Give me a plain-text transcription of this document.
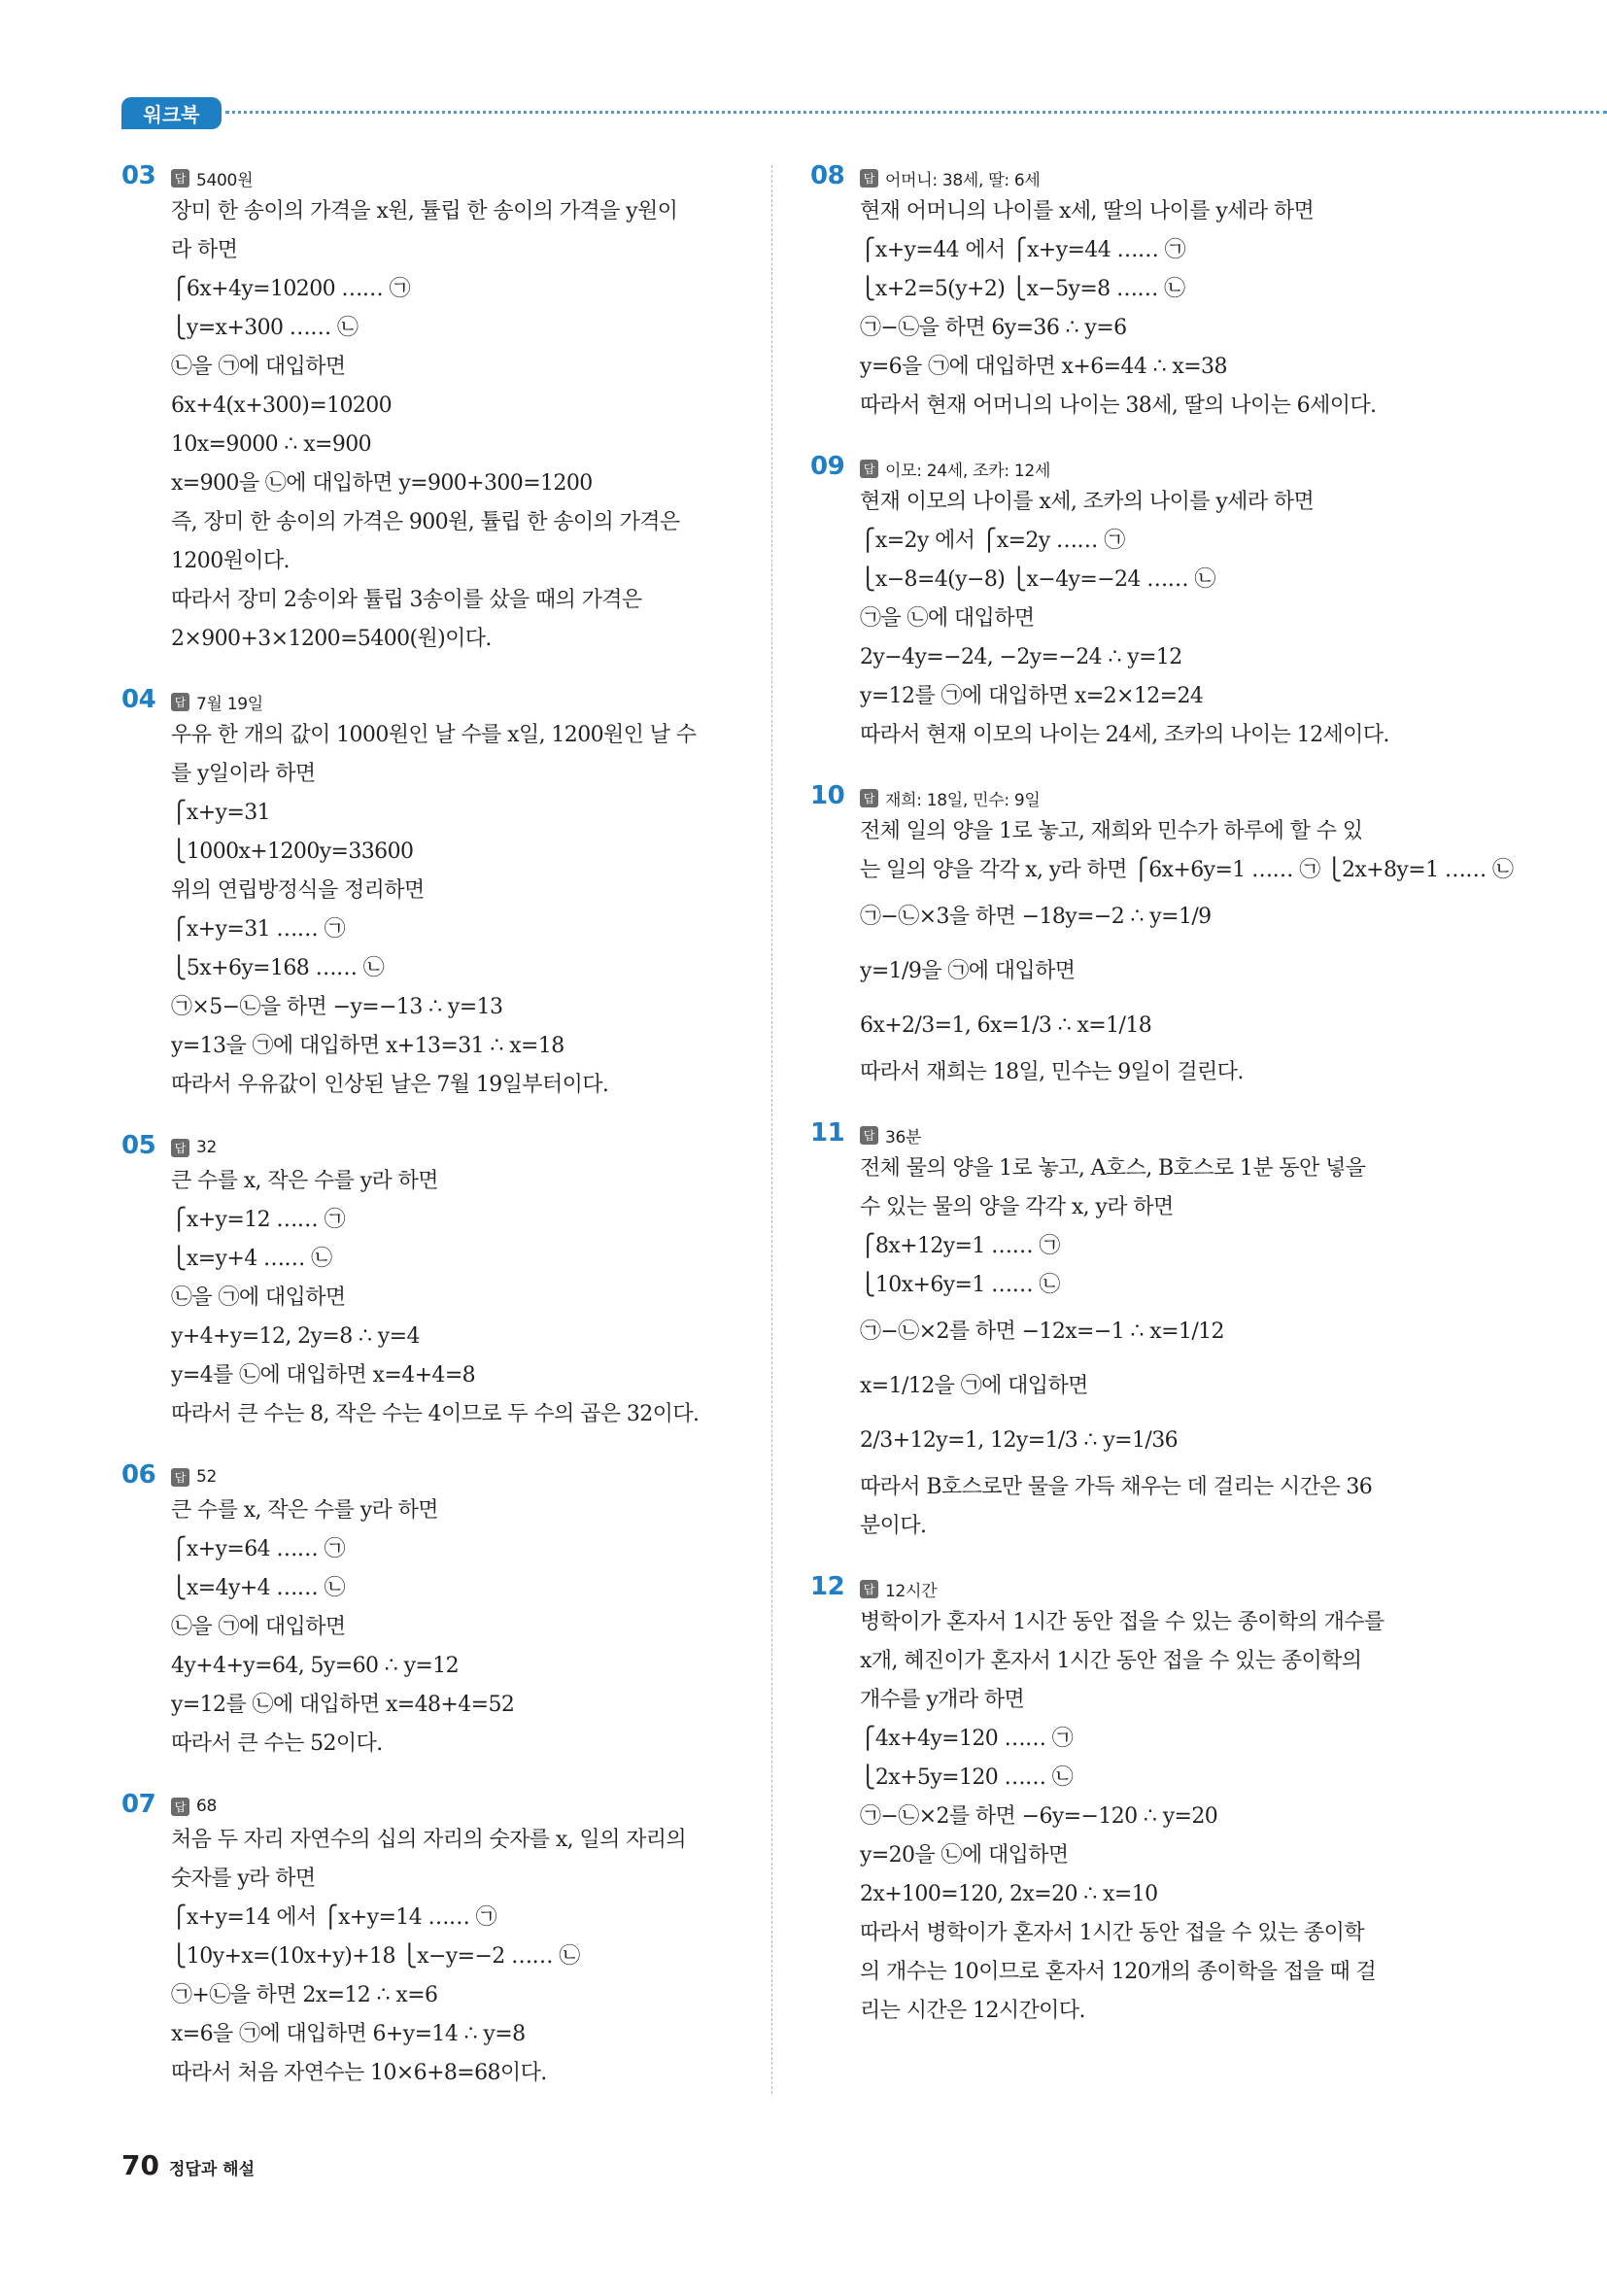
워크북
03	답 5400원
장미 한 송이의 가격을 x원, 튤립 한 송이의 가격을 y원이
라 하면
⎧6x+4y=10200 …… ㉠
⎩y=x+300 …… ㉡
㉡을 ㉠에 대입하면
6x+4(x+300)=10200
10x=9000 ∴ x=900
x=900을 ㉡에 대입하면 y=900+300=1200
즉, 장미 한 송이의 가격은 900원, 튤립 한 송이의 가격은
1200원이다.
따라서 장미 2송이와 튤립 3송이를 샀을 때의 가격은
2×900+3×1200=5400(원)이다.
04	답 7월 19일
우유 한 개의 값이 1000원인 날 수를 x일, 1200원인 날 수
를 y일이라 하면
⎧x+y=31
⎩1000x+1200y=33600
위의 연립방정식을 정리하면
⎧x+y=31 …… ㉠
⎩5x+6y=168 …… ㉡
㉠×5−㉡을 하면 −y=−13 ∴ y=13
y=13을 ㉠에 대입하면 x+13=31 ∴ x=18
따라서 우유값이 인상된 날은 7월 19일부터이다.
05	답 32
큰 수를 x, 작은 수를 y라 하면
⎧x+y=12 …… ㉠
⎩x=y+4 …… ㉡
㉡을 ㉠에 대입하면
y+4+y=12, 2y=8 ∴ y=4
y=4를 ㉡에 대입하면 x=4+4=8
따라서 큰 수는 8, 작은 수는 4이므로 두 수의 곱은 32이다.
06	답 52
큰 수를 x, 작은 수를 y라 하면
⎧x+y=64 …… ㉠
⎩x=4y+4 …… ㉡
㉡을 ㉠에 대입하면
4y+4+y=64, 5y=60 ∴ y=12
y=12를 ㉡에 대입하면 x=48+4=52
따라서 큰 수는 52이다.
07	답 68
처음 두 자리 자연수의 십의 자리의 숫자를 x, 일의 자리의
숫자를 y라 하면
⎧x+y=14 에서 ⎧x+y=14 …… ㉠
⎩10y+x=(10x+y)+18 ⎩x−y=−2 …… ㉡
㉠+㉡을 하면 2x=12 ∴ x=6
x=6을 ㉠에 대입하면 6+y=14 ∴ y=8
따라서 처음 자연수는 10×6+8=68이다.
08	답 어머니: 38세, 딸: 6세
현재 어머니의 나이를 x세, 딸의 나이를 y세라 하면
⎧x+y=44 에서 ⎧x+y=44 …… ㉠
⎩x+2=5(y+2) ⎩x−5y=8 …… ㉡
㉠−㉡을 하면 6y=36 ∴ y=6
y=6을 ㉠에 대입하면 x+6=44 ∴ x=38
따라서 현재 어머니의 나이는 38세, 딸의 나이는 6세이다.
09	답 이모: 24세, 조카: 12세
현재 이모의 나이를 x세, 조카의 나이를 y세라 하면
⎧x=2y 에서 ⎧x=2y …… ㉠
⎩x−8=4(y−8) ⎩x−4y=−24 …… ㉡
㉠을 ㉡에 대입하면
2y−4y=−24, −2y=−24 ∴ y=12
y=12를 ㉠에 대입하면 x=2×12=24
따라서 현재 이모의 나이는 24세, 조카의 나이는 12세이다.
10	답 재희: 18일, 민수: 9일
전체 일의 양을 1로 놓고, 재희와 민수가 하루에 할 수 있
는 일의 양을 각각 x, y라 하면 ⎧6x+6y=1 …… ㉠ ⎩2x+8y=1 …… ㉡
㉠−㉡×3을 하면 −18y=−2 ∴ y=1/9
y=1/9을 ㉠에 대입하면
6x+2/3=1, 6x=1/3 ∴ x=1/18
따라서 재희는 18일, 민수는 9일이 걸린다.
11	답 36분
전체 물의 양을 1로 놓고, A호스, B호스로 1분 동안 넣을
수 있는 물의 양을 각각 x, y라 하면
⎧8x+12y=1 …… ㉠
⎩10x+6y=1 …… ㉡
㉠−㉡×2를 하면 −12x=−1 ∴ x=1/12
x=1/12을 ㉠에 대입하면
2/3+12y=1, 12y=1/3 ∴ y=1/36
따라서 B호스로만 물을 가득 채우는 데 걸리는 시간은 36
분이다.
12	답 12시간
병학이가 혼자서 1시간 동안 접을 수 있는 종이학의 개수를
x개, 혜진이가 혼자서 1시간 동안 접을 수 있는 종이학의
개수를 y개라 하면
⎧4x+4y=120 …… ㉠
⎩2x+5y=120 …… ㉡
㉠−㉡×2를 하면 −6y=−120 ∴ y=20
y=20을 ㉡에 대입하면
2x+100=120, 2x=20 ∴ x=10
따라서 병학이가 혼자서 1시간 동안 접을 수 있는 종이학
의 개수는 10이므로 혼자서 120개의 종이학을 접을 때 걸
리는 시간은 12시간이다.
70 정답과 해설
